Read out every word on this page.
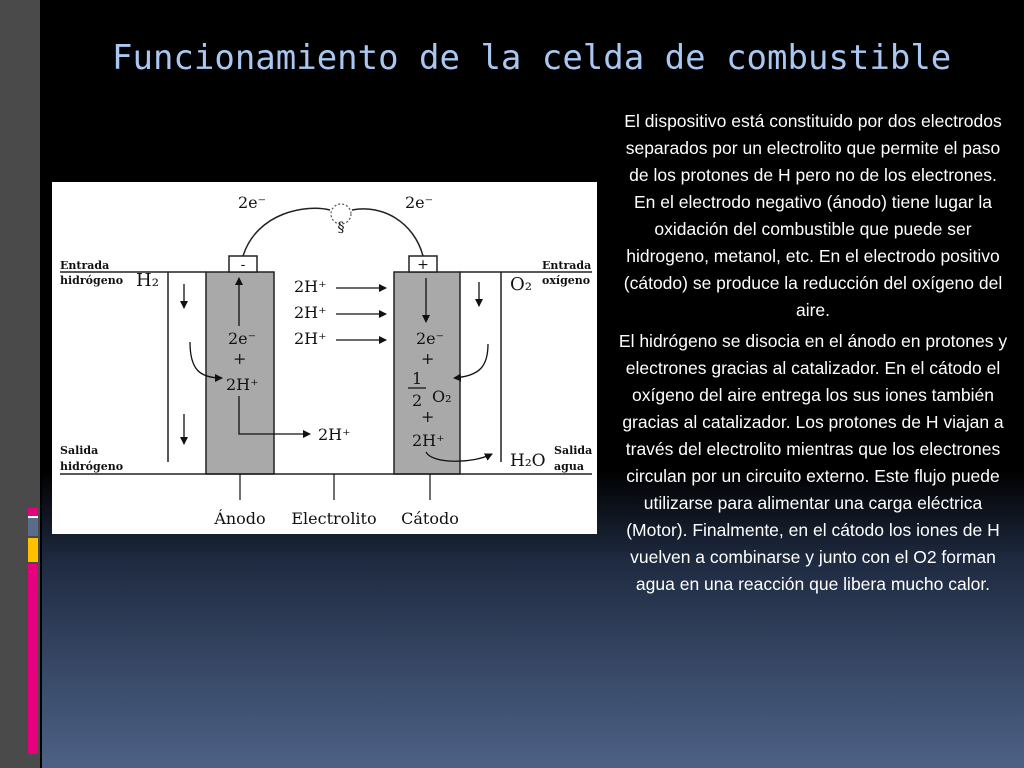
Funcionamiento de la celda de combustible
-	+
§
2e⁻	2e⁻
Entrada
hidrógeno H₂
Salida
hidrógeno
Entrada
oxígeno
O₂
Salida
agua
H₂O
2H⁺
2H⁺
2H⁺
2e⁻
+
2H⁺
2H⁺
2e⁻
+
1
2 O₂
+
2H⁺
Ánodo Electrolito Cátodo

El dispositivo está constituido por dos electrodos separados por un electrolito que permite el paso de los protones de H pero no de los electrones. En el electrodo negativo (ánodo) tiene lugar la oxidación del combustible que puede ser hidrogeno, metanol, etc. En el electrodo positivo (cátodo) se produce la reducción del oxígeno del aire.

El hidrógeno se disocia en el ánodo en protones y electrones gracias al catalizador. En el cátodo el oxígeno del aire entrega los sus iones también gracias al catalizador. Los protones de H viajan a través del electrolito mientras que los electrones circulan por un circuito externo. Este flujo puede utilizarse para alimentar una carga eléctrica (Motor). Finalmente, en el cátodo los iones de H vuelven a combinarse y junto con el O2 forman agua en una reacción que libera mucho calor.
